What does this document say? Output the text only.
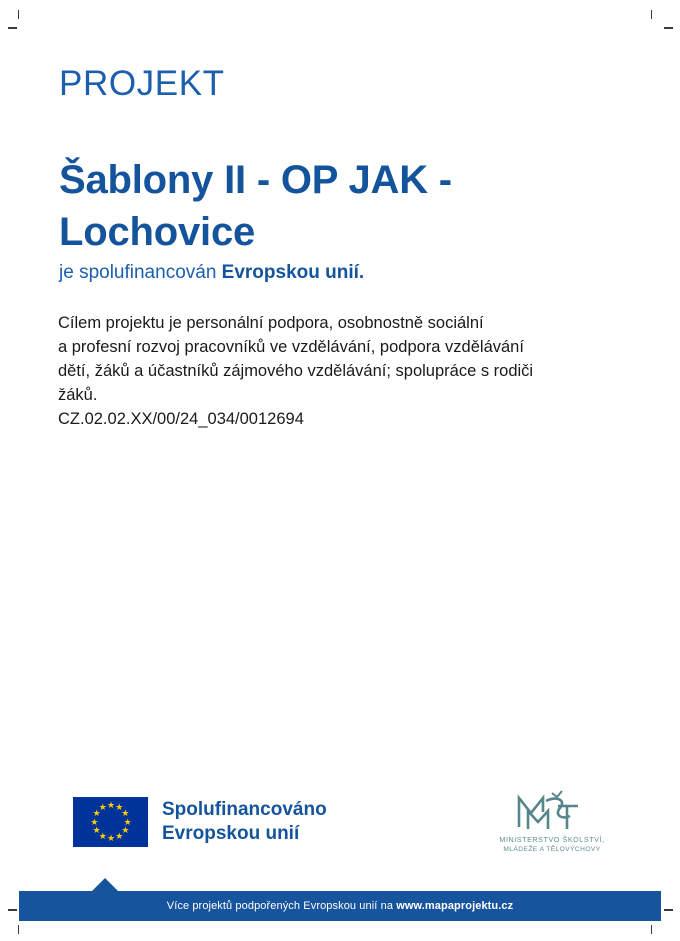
PROJEKT
Šablony II - OP JAK - Lochovice
je spolufinancován Evropskou unií.
Cílem projektu je personální podpora, osobnostně sociální
a profesní rozvoj pracovníků ve vzdělávání, podpora vzdělávání
dětí, žáků a účastníků zájmového vzdělávání; spolupráce s rodiči
žáků.
CZ.02.02.XX/00/24_034/0012694
★ ★
★
★
★
★
★
★
★
★
★
★	Spolufinancováno
Evropskou unií	MINISTERSTVO ŠKOLSTVÍ,
MLÁDEŽE A TĚLOVÝCHOVY
Více projektů podpořených Evropskou unií na www.mapaprojektu.cz
